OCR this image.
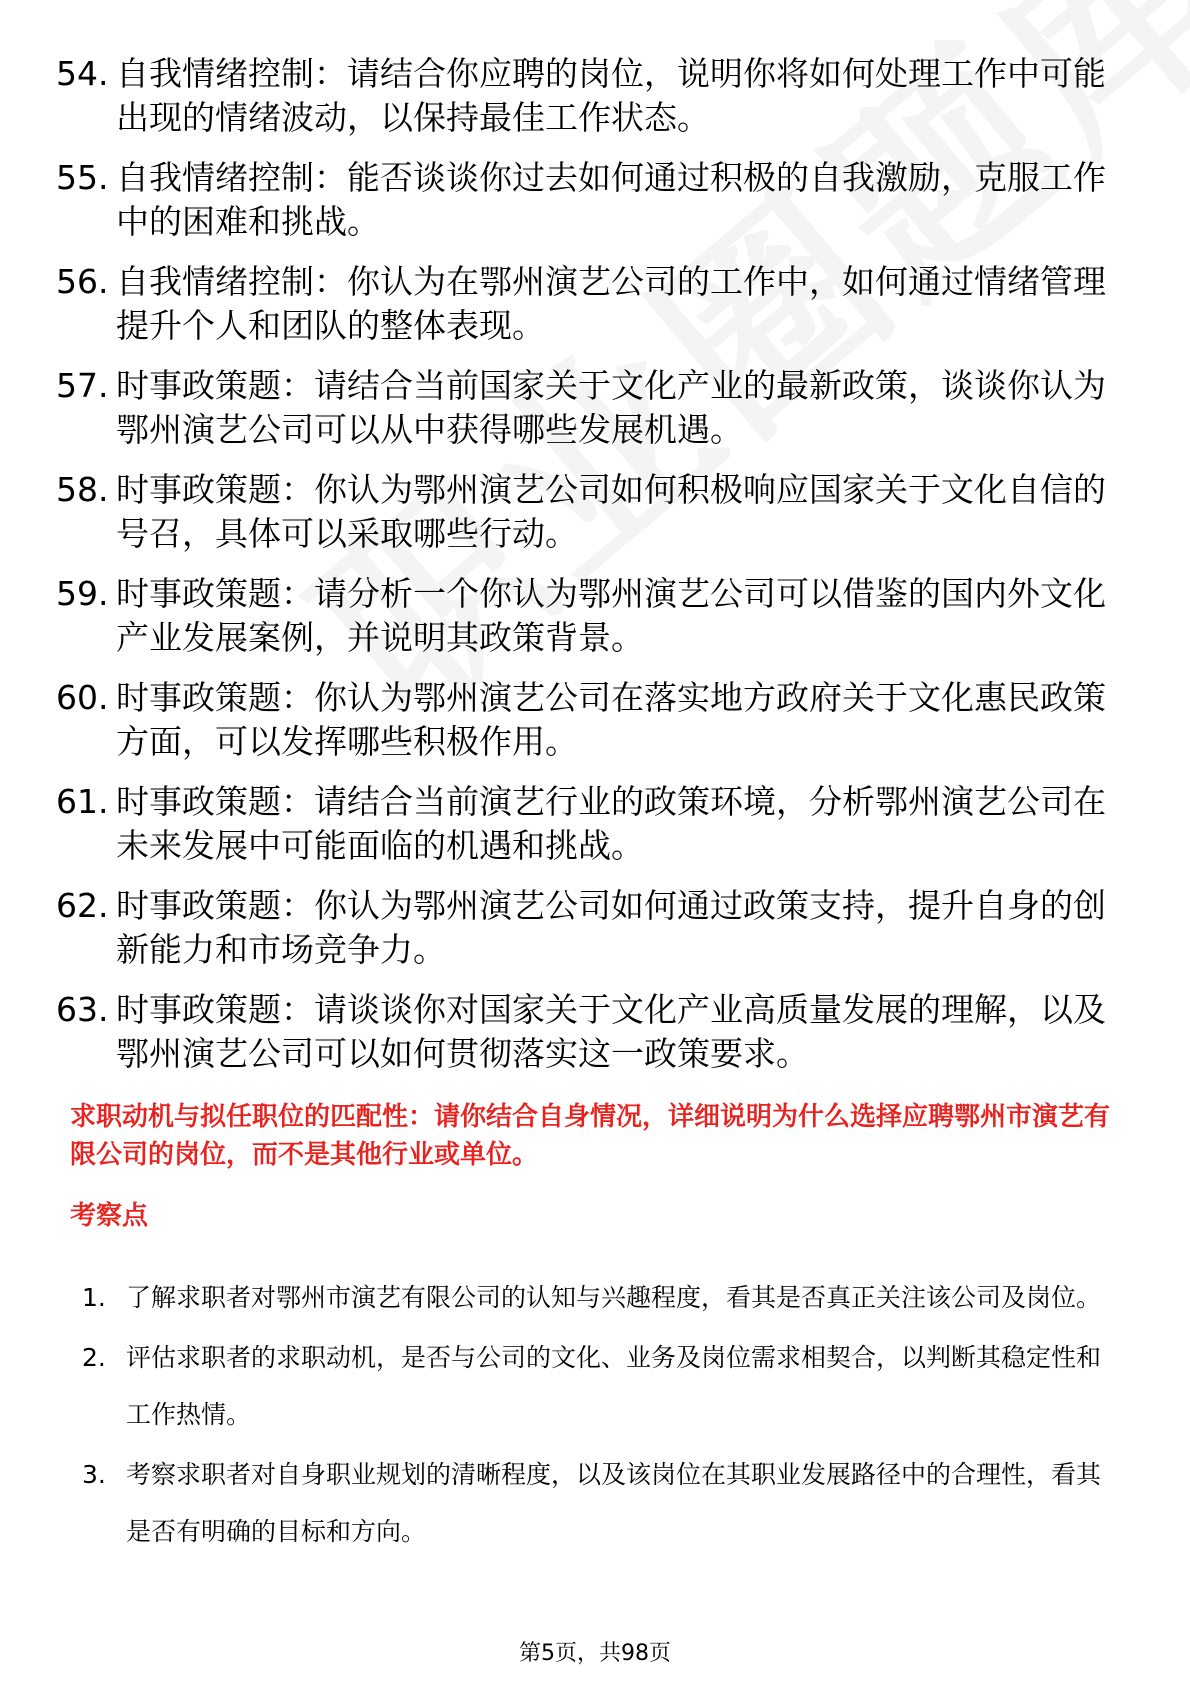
54. 自我情绪控制：请结合你应聘的岗位，说明你将如何处理工作中可能出现的情绪波动，以保持最佳工作状态。
55. 自我情绪控制：能否谈谈你过去如何通过积极的自我激励，克服工作中的困难和挑战。
56. 自我情绪控制：你认为在鄂州演艺公司的工作中，如何通过情绪管理提升个人和团队的整体表现。
57. 时事政策题：请结合当前国家关于文化产业的最新政策，谈谈你认为鄂州演艺公司可以从中获得哪些发展机遇。
58. 时事政策题：你认为鄂州演艺公司如何积极响应国家关于文化自信的号召，具体可以采取哪些行动。
59. 时事政策题：请分析一个你认为鄂州演艺公司可以借鉴的国内外文化产业发展案例，并说明其政策背景。
60. 时事政策题：你认为鄂州演艺公司在落实地方政府关于文化惠民政策方面，可以发挥哪些积极作用。
61. 时事政策题：请结合当前演艺行业的政策环境，分析鄂州演艺公司在未来发展中可能面临的机遇和挑战。
62. 时事政策题：你认为鄂州演艺公司如何通过政策支持，提升自身的创新能力和市场竞争力。
63. 时事政策题：请谈谈你对国家关于文化产业高质量发展的理解，以及鄂州演艺公司可以如何贯彻落实这一政策要求。

求职动机与拟任职位的匹配性：请你结合自身情况，详细说明为什么选择应聘鄂州市演艺有限公司的岗位，而不是其他行业或单位。

考察点

1. 了解求职者对鄂州市演艺有限公司的认知与兴趣程度，看其是否真正关注该公司及岗位。
2. 评估求职者的求职动机，是否与公司的文化、业务及岗位需求相契合，以判断其稳定性和工作热情。
3. 考察求职者对自身职业规划的清晰程度，以及该岗位在其职业发展路径中的合理性，看其是否有明确的目标和方向。
第5页，共98页
